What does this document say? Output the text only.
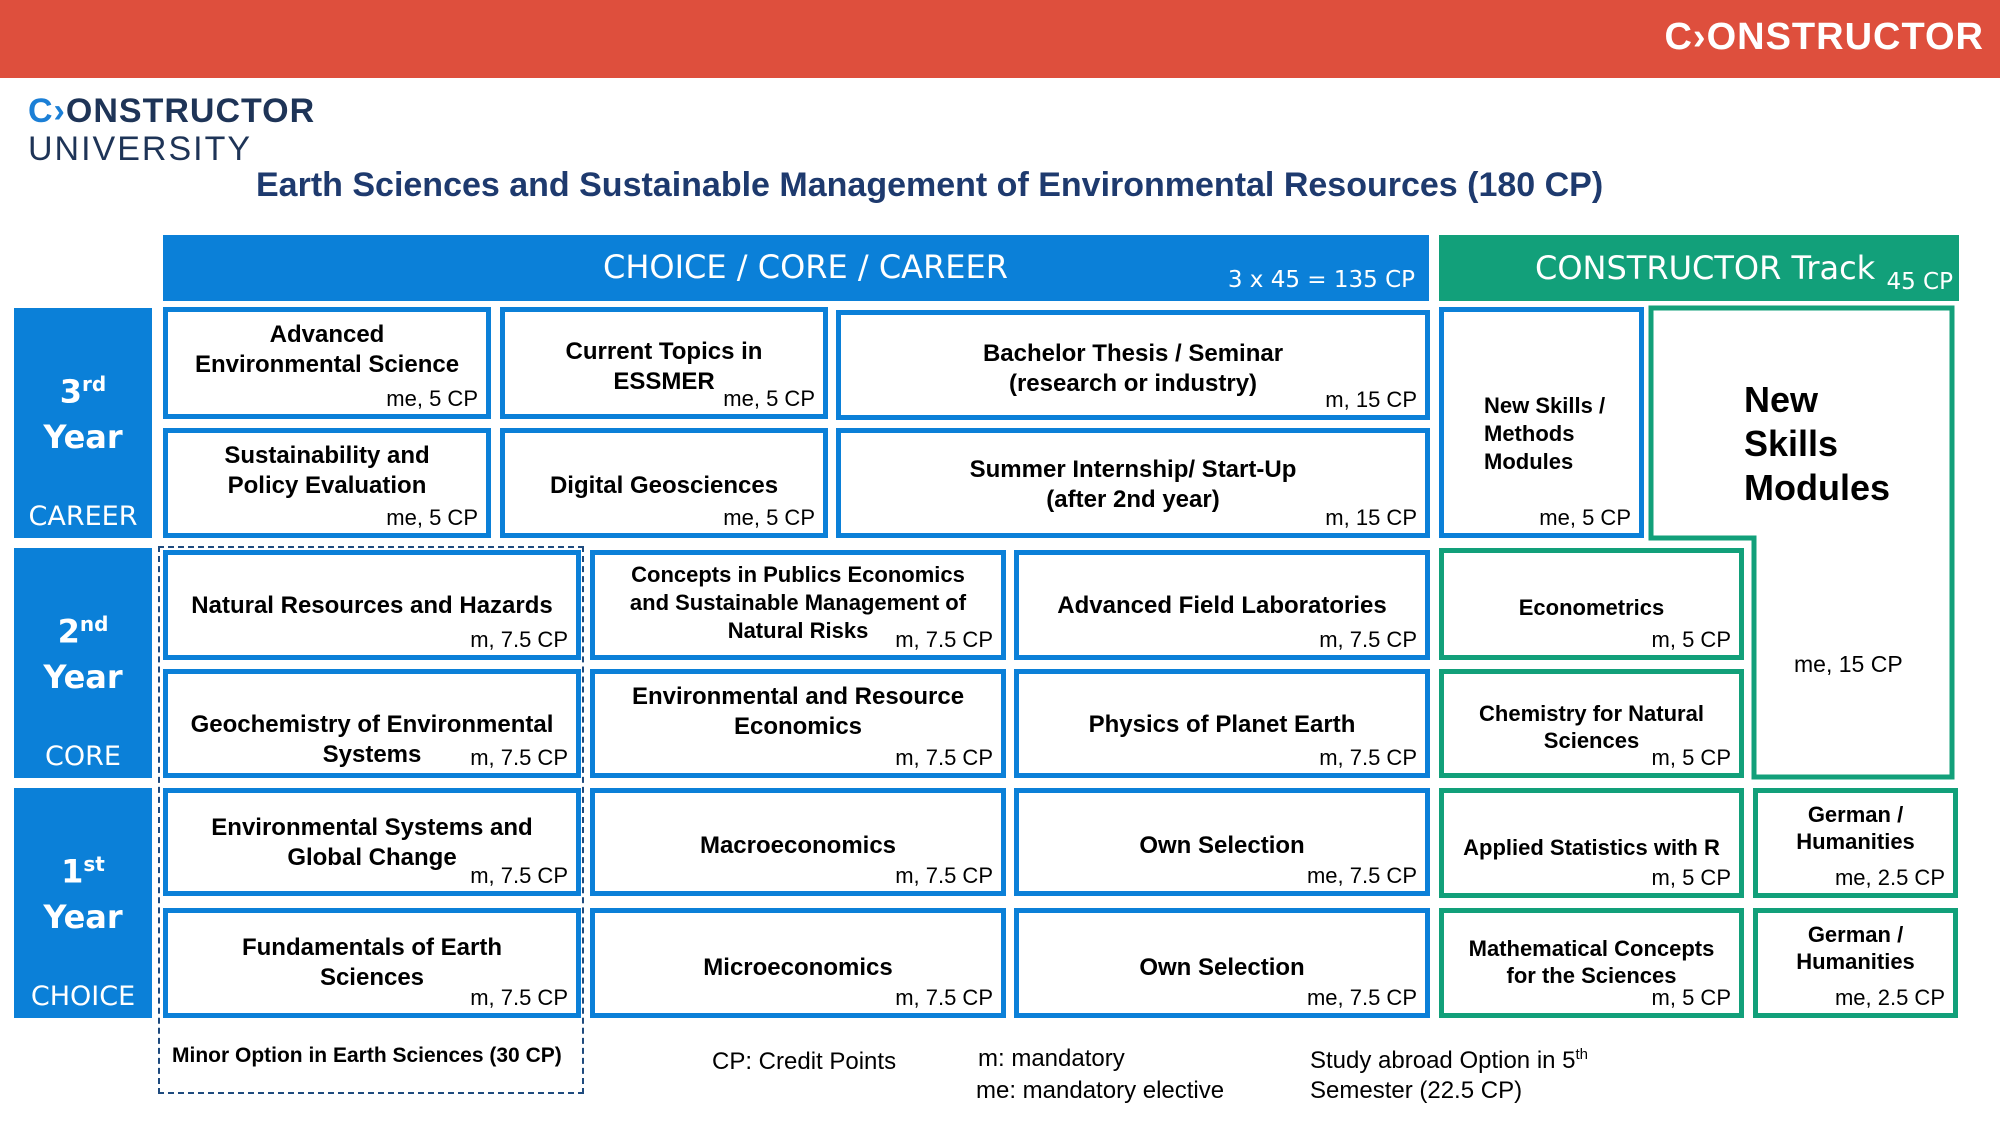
C›ONSTRUCTOR
C›ONSTRUCTOR
UNIVERSITY
Earth Sciences and Sustainable Management of Environmental Resources (180 CP)
CHOICE / CORE / CAREER	3 x 45 = 135 CP	CONSTRUCTOR Track 45 CP
3rd
Year
CAREER
2nd
Year
CORE
1st
Year
CHOICE
Advanced Environmental Science
me, 5 CP
Current Topics in ESSMER
me, 5 CP
Bachelor Thesis / Seminar (research or industry)
m, 15 CP
Sustainability and Policy Evaluation
me, 5 CP
Digital Geosciences
me, 5 CP
Summer Internship/ Start-Up (after 2nd year)
m, 15 CP
Natural Resources and Hazards
m, 7.5 CP
Concepts in Publics Economics and Sustainable Management of Natural Risks	m, 7.5 CP
Advanced Field Laboratories
m, 7.5 CP
Geochemistry of Environmental Systems	m, 7.5 CP
Environmental and Resource Economics
m, 7.5 CP
Physics of Planet Earth
m, 7.5 CP
Environmental Systems and Global Change
m, 7.5 CP
Macroeconomics
m, 7.5 CP
Own Selection
me, 7.5 CP
Fundamentals of Earth Sciences
m, 7.5 CP
Microeconomics
m, 7.5 CP
Own Selection
me, 7.5 CP
New Skills / Methods Modules
me, 5 CP
New
Skills
Modules
me, 15 CP
Econometrics
m, 5 CP
Chemistry for Natural Sciences
m, 5 CP
Applied Statistics with R
m, 5 CP
German / Humanities
me, 2.5 CP
Mathematical Concepts for the Sciences
m, 5 CP
German / Humanities
me, 2.5 CP
Minor Option in Earth Sciences (30 CP)	CP: Credit Points	m: mandatory
me: mandatory elective
Study abroad Option in 5th
Semester (22.5 CP)
